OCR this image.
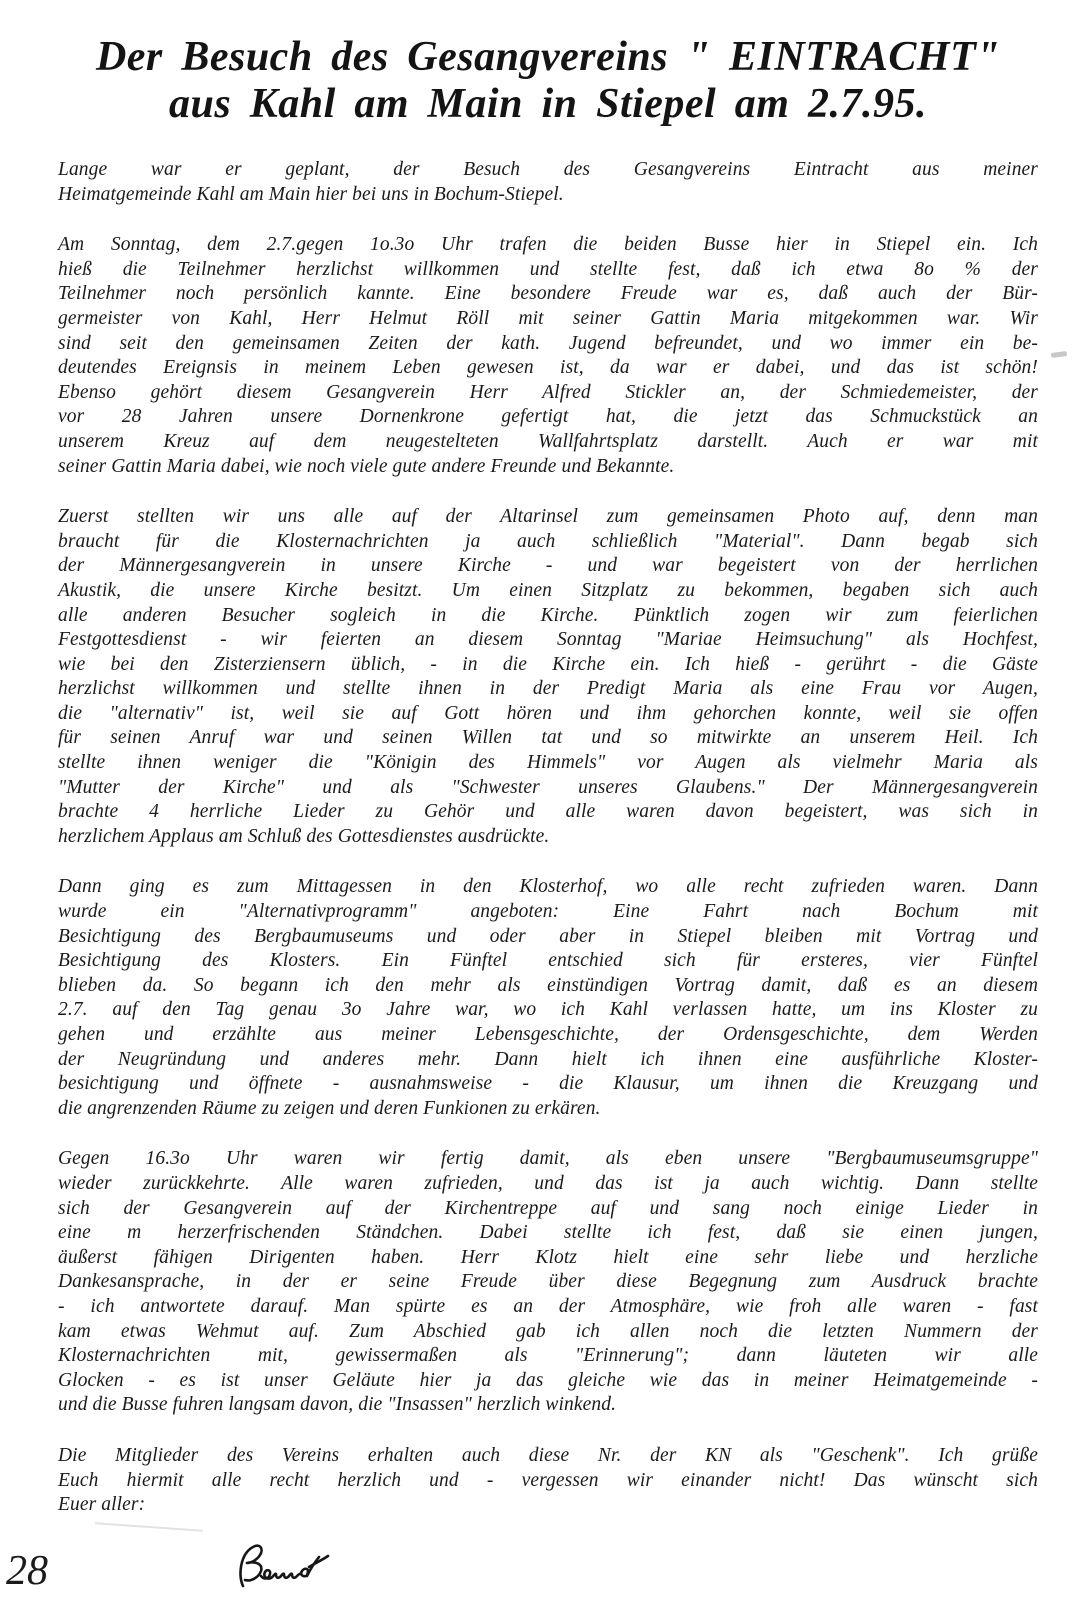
Der Besuch des Gesangvereins " EINTRACHT"
aus Kahl am Main in Stiepel am 2.7.95.

Lange war er geplant, der Besuch des Gesangvereins Eintracht aus meiner
Heimatgemeinde Kahl am Main hier bei uns in Bochum-Stiepel.

Am Sonntag, dem 2.7.gegen 1o.3o Uhr trafen die beiden Busse hier in Stiepel ein. Ich
hieß die Teilnehmer herzlichst willkommen und stellte fest, daß ich etwa 8o % der
Teilnehmer noch persönlich kannte. Eine besondere Freude war es, daß auch der Bür-
germeister von Kahl, Herr Helmut Röll mit seiner Gattin Maria mitgekommen war. Wir
sind seit den gemeinsamen Zeiten der kath. Jugend befreundet, und wo immer ein be-
deutendes Ereignsis in meinem Leben gewesen ist, da war er dabei, und das ist schön!
Ebenso gehört diesem Gesangverein Herr Alfred Stickler an, der Schmiedemeister, der
vor 28 Jahren unsere Dornenkrone gefertigt hat, die jetzt das Schmuckstück an
unserem Kreuz auf dem neugestelteten Wallfahrtsplatz darstellt. Auch er war mit
seiner Gattin Maria dabei, wie noch viele gute andere Freunde und Bekannte.

Zuerst stellten wir uns alle auf der Altarinsel zum gemeinsamen Photo auf, denn man
braucht für die Klosternachrichten ja auch schließlich "Material". Dann begab sich
der Männergesangverein in unsere Kirche - und war begeistert von der herrlichen
Akustik, die unsere Kirche besitzt. Um einen Sitzplatz zu bekommen, begaben sich auch
alle anderen Besucher sogleich in die Kirche. Pünktlich zogen wir zum feierlichen
Festgottesdienst - wir feierten an diesem Sonntag "Mariae Heimsuchung" als Hochfest,
wie bei den Zisterziensern üblich, - in die Kirche ein. Ich hieß - gerührt - die Gäste
herzlichst willkommen und stellte ihnen in der Predigt Maria als eine Frau vor Augen,
die "alternativ" ist, weil sie auf Gott hören und ihm gehorchen konnte, weil sie offen
für seinen Anruf war und seinen Willen tat und so mitwirkte an unserem Heil. Ich
stellte ihnen weniger die "Königin des Himmels" vor Augen als vielmehr Maria als
"Mutter der Kirche" und als "Schwester unseres Glaubens." Der Männergesangverein
brachte 4 herrliche Lieder zu Gehör und alle waren davon begeistert, was sich in
herzlichem Applaus am Schluß des Gottesdienstes ausdrückte.

Dann ging es zum Mittagessen in den Klosterhof, wo alle recht zufrieden waren. Dann
wurde ein "Alternativprogramm" angeboten: Eine Fahrt nach Bochum mit
Besichtigung des Bergbaumuseums und oder aber in Stiepel bleiben mit Vortrag und
Besichtigung des Klosters. Ein Fünftel entschied sich für ersteres, vier Fünftel
blieben da. So begann ich den mehr als einstündigen Vortrag damit, daß es an diesem
2.7. auf den Tag genau 3o Jahre war, wo ich Kahl verlassen hatte, um ins Kloster zu
gehen und erzählte aus meiner Lebensgeschichte, der Ordensgeschichte, dem Werden
der Neugründung und anderes mehr. Dann hielt ich ihnen eine ausführliche Kloster-
besichtigung und öffnete - ausnahmsweise - die Klausur, um ihnen die Kreuzgang und
die angrenzenden Räume zu zeigen und deren Funkionen zu erkären.

Gegen 16.3o Uhr waren wir fertig damit, als eben unsere "Bergbaumuseumsgruppe"
wieder zurückkehrte. Alle waren zufrieden, und das ist ja auch wichtig. Dann stellte
sich der Gesangverein auf der Kirchentreppe auf und sang noch einige Lieder in
eine m herzerfrischenden Ständchen. Dabei stellte ich fest, daß sie einen jungen,
äußerst fähigen Dirigenten haben. Herr Klotz hielt eine sehr liebe und herzliche
Dankesansprache, in der er seine Freude über diese Begegnung zum Ausdruck brachte
- ich antwortete darauf. Man spürte es an der Atmosphäre, wie froh alle waren - fast
kam etwas Wehmut auf. Zum Abschied gab ich allen noch die letzten Nummern der
Klosternachrichten mit, gewissermaßen als "Erinnerung"; dann läuteten wir alle
Glocken - es ist unser Geläute hier ja das gleiche wie das in meiner Heimatgemeinde -
und die Busse fuhren langsam davon, die "Insassen" herzlich winkend.

Die Mitglieder des Vereins erhalten auch diese Nr. der KN als "Geschenk". Ich grüße
Euch hiermit alle recht herzlich und - vergessen wir einander nicht! Das wünscht sich
Euer aller:

28
